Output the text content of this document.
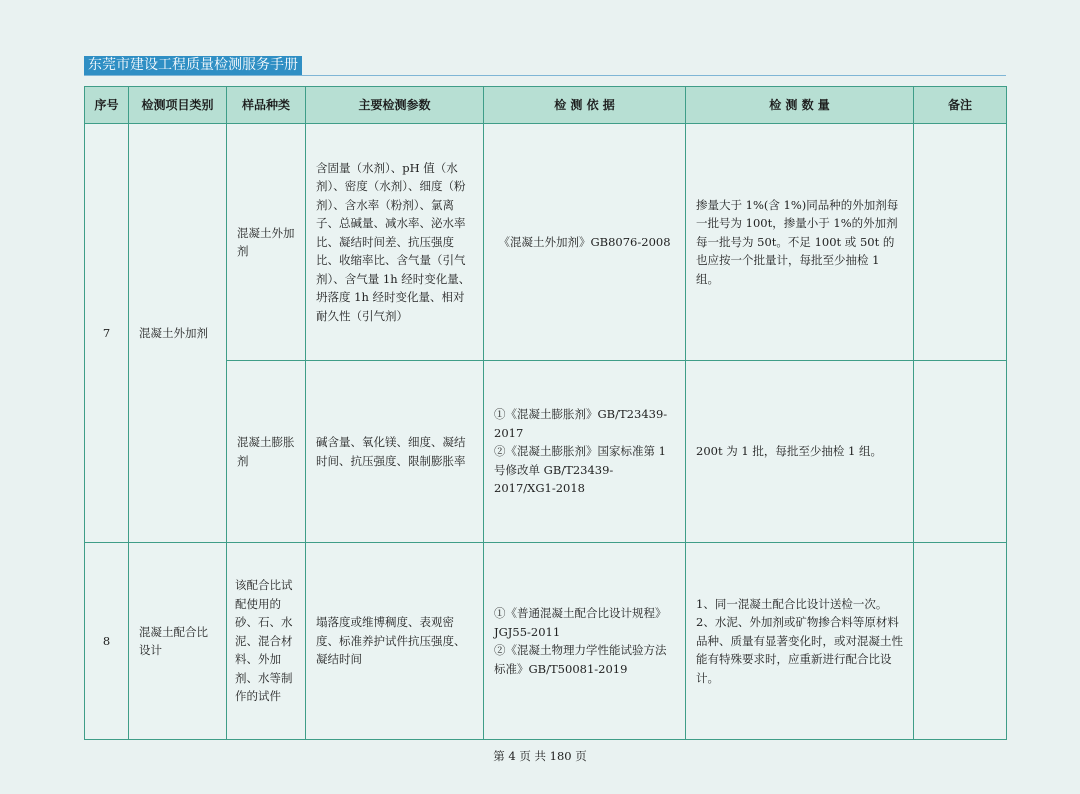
东莞市建设工程质量检测服务手册
序号	检测项目类别	样品种类	主要检测参数	检 测 依 据	检 测 数 量	备注
7	混凝土外加剂	混凝土外加剂	含固量（水剂）、pH 值（水剂）、密度（水剂）、细度（粉剂）、含水率（粉剂）、氯离子、总碱量、减水率、泌水率比、凝结时间差、抗压强度比、收缩率比、含气量（引气剂）、含气量 1h 经时变化量、坍落度 1h 经时变化量、相对耐久性（引气剂）	《混凝土外加剂》GB8076-2008	掺量大于 1%(含 1%)同品种的外加剂每一批号为 100t，掺量小于 1%的外加剂每一批号为 50t。不足 100t 或 50t 的也应按一个批量计，每批至少抽检 1 组。	
		混凝土膨胀剂	碱含量、氧化镁、细度、凝结时间、抗压强度、限制膨胀率	①《混凝土膨胀剂》GB/T23439-2017
②《混凝土膨胀剂》国家标准第 1 号修改单 GB/T23439-2017/XG1-2018	200t 为 1 批，每批至少抽检 1 组。	
8	混凝土配合比设计	该配合比试配使用的砂、石、水泥、混合材料、外加剂、水等制作的试件	塌落度或维博稠度、表观密度、标准养护试件抗压强度、凝结时间	①《普通混凝土配合比设计规程》JGJ55-2011
②《混凝土物理力学性能试验方法标准》GB/T50081-2019	1、同一混凝土配合比设计送检一次。
2、水泥、外加剂或矿物掺合料等原材料品种、质量有显著变化时，或对混凝土性能有特殊要求时，应重新进行配合比设计。	

第 4 页 共 180 页
